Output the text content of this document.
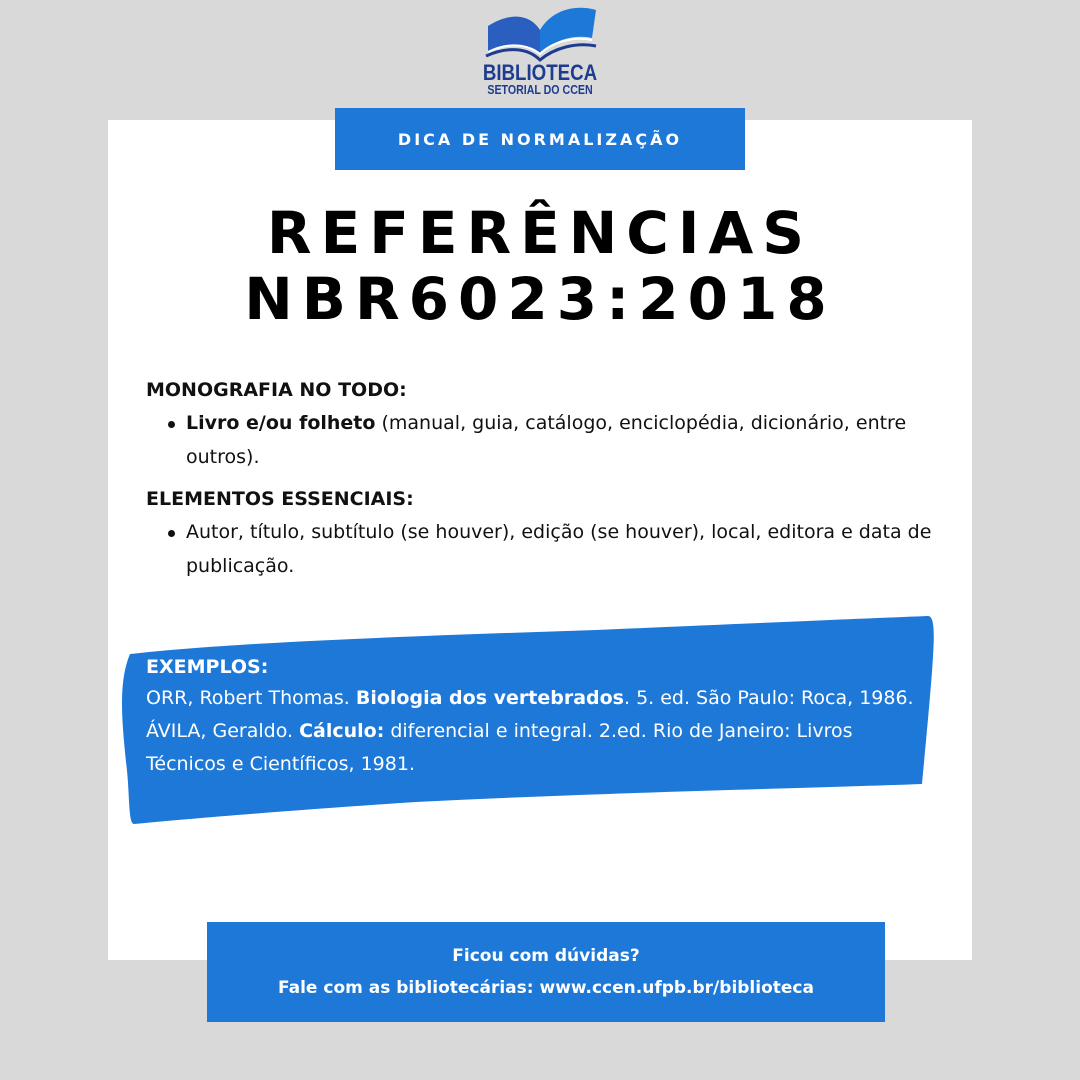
BIBLIOTECA
SETORIAL DO CCEN
DICA DE NORMALIZAÇÃO
REFERÊNCIAS
NBR6023:2018
MONOGRAFIA NO TODO:
Livro e/ou folheto (manual, guia, catálogo, enciclopédia, dicionário, entre outros).
ELEMENTOS ESSENCIAIS:
Autor, título, subtítulo (se houver), edição (se houver), local, editora e data de publicação.
EXEMPLOS:
ORR, Robert Thomas. Biologia dos vertebrados. 5. ed. São Paulo: Roca, 1986.
ÁVILA, Geraldo. Cálculo: diferencial e integral. 2.ed. Rio de Janeiro: Livros Técnicos e Científicos, 1981.
Ficou com dúvidas?
Fale com as bibliotecárias: www.ccen.ufpb.br/biblioteca
